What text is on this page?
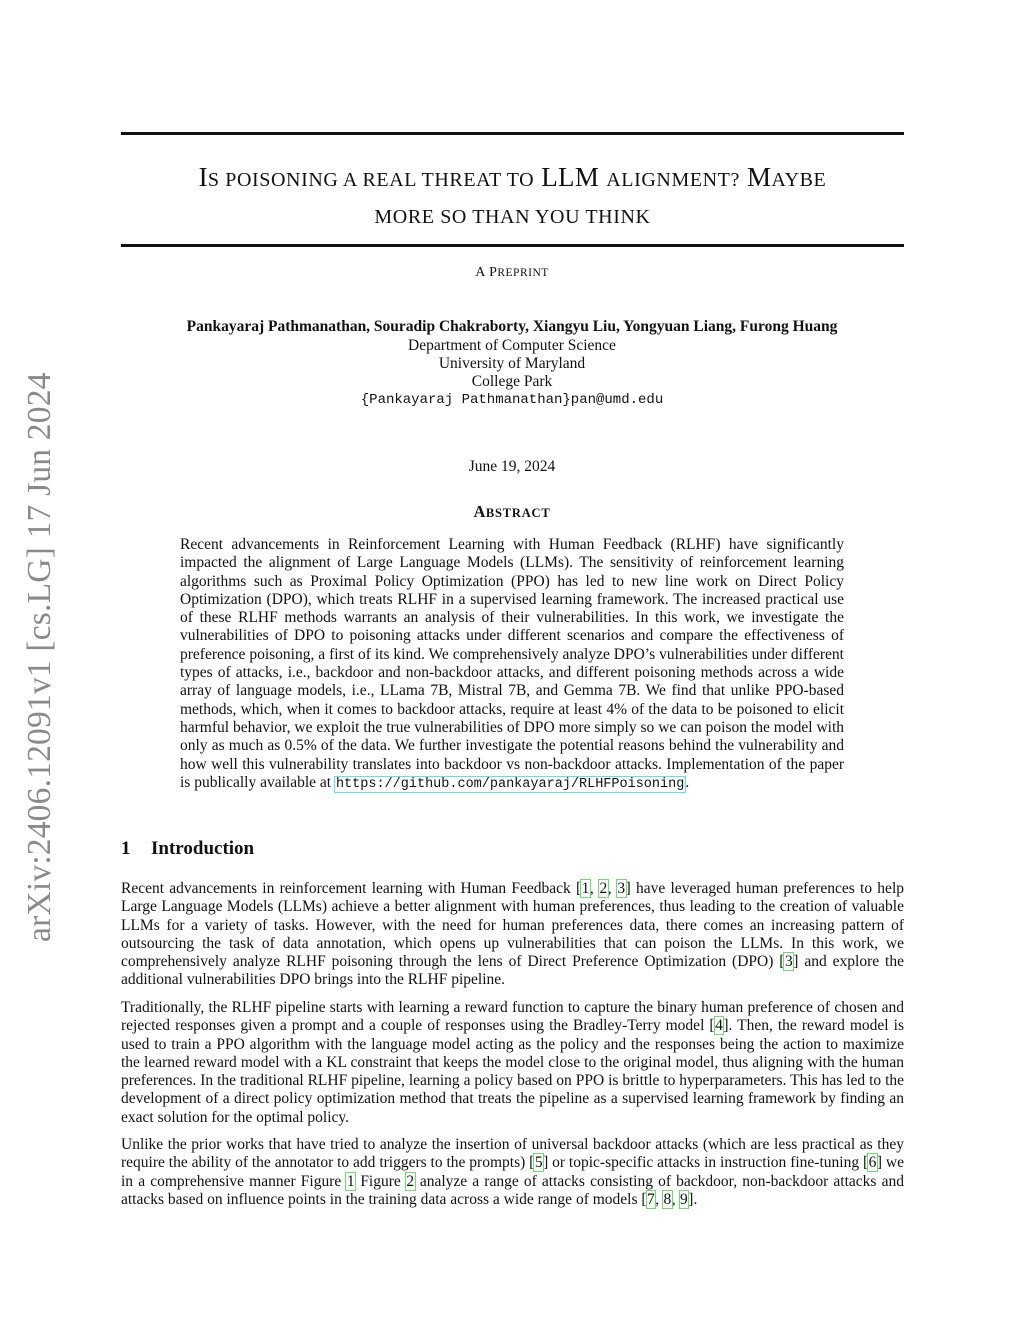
arXiv:2406.12091v1 [cs.LG] 17 Jun 2024
IS POISONING A REAL THREAT TO LLM ALIGNMENT? MAYBE
MORE SO THAN YOU THINK
A PREPRINT
Pankayaraj Pathmanathan, Souradip Chakraborty, Xiangyu Liu, Yongyuan Liang, Furong Huang
Department of Computer Science
University of Maryland
College Park
{Pankayaraj Pathmanathan}pan@umd.edu
June 19, 2024
ABSTRACT

Recent advancements in Reinforcement Learning with Human Feedback (RLHF) have significantly impacted the alignment of Large Language Models (LLMs). The sensitivity of reinforcement learning algorithms such as Proximal Policy Optimization (PPO) has led to new line work on Direct Policy Optimization (DPO), which treats RLHF in a supervised learning framework. The increased practical use of these RLHF methods warrants an analysis of their vulnerabilities. In this work, we investigate the vulnerabilities of DPO to poisoning attacks under different scenarios and compare the effectiveness of preference poisoning, a first of its kind. We comprehensively analyze DPO’s vulnerabilities under different types of attacks, i.e., backdoor and non-backdoor attacks, and different poisoning methods across a wide array of language models, i.e., LLama 7B, Mistral 7B, and Gemma 7B. We find that unlike PPO-based methods, which, when it comes to backdoor attacks, require at least 4% of the data to be poisoned to elicit harmful behavior, we exploit the true vulnerabilities of DPO more simply so we can poison the model with only as much as 0.5% of the data. We further investigate the potential reasons behind the vulnerability and how well this vulnerability translates into backdoor vs non-backdoor attacks. Implementation of the paper is publically available at https://github.com/pankayaraj/RLHFPoisoning.

1 Introduction

Recent advancements in reinforcement learning with Human Feedback [1, 2, 3] have leveraged human preferences to help Large Language Models (LLMs) achieve a better alignment with human preferences, thus leading to the creation of valuable LLMs for a variety of tasks. However, with the need for human preferences data, there comes an increasing pattern of outsourcing the task of data annotation, which opens up vulnerabilities that can poison the LLMs. In this work, we comprehensively analyze RLHF poisoning through the lens of Direct Preference Optimization (DPO) [3] and explore the additional vulnerabilities DPO brings into the RLHF pipeline.

Traditionally, the RLHF pipeline starts with learning a reward function to capture the binary human preference of chosen and rejected responses given a prompt and a couple of responses using the Bradley-Terry model [4]. Then, the reward model is used to train a PPO algorithm with the language model acting as the policy and the responses being the action to maximize the learned reward model with a KL constraint that keeps the model close to the original model, thus aligning with the human preferences. In the traditional RLHF pipeline, learning a policy based on PPO is brittle to hyperparameters. This has led to the development of a direct policy optimization method that treats the pipeline as a supervised learning framework by finding an exact solution for the optimal policy.

Unlike the prior works that have tried to analyze the insertion of universal backdoor attacks (which are less practical as they require the ability of the annotator to add triggers to the prompts) [5] or topic-specific attacks in instruction fine-tuning [6] we in a comprehensive manner Figure 1 Figure 2 analyze a range of attacks consisting of backdoor, non-backdoor attacks and attacks based on influence points in the training data across a wide range of models [7, 8, 9].
